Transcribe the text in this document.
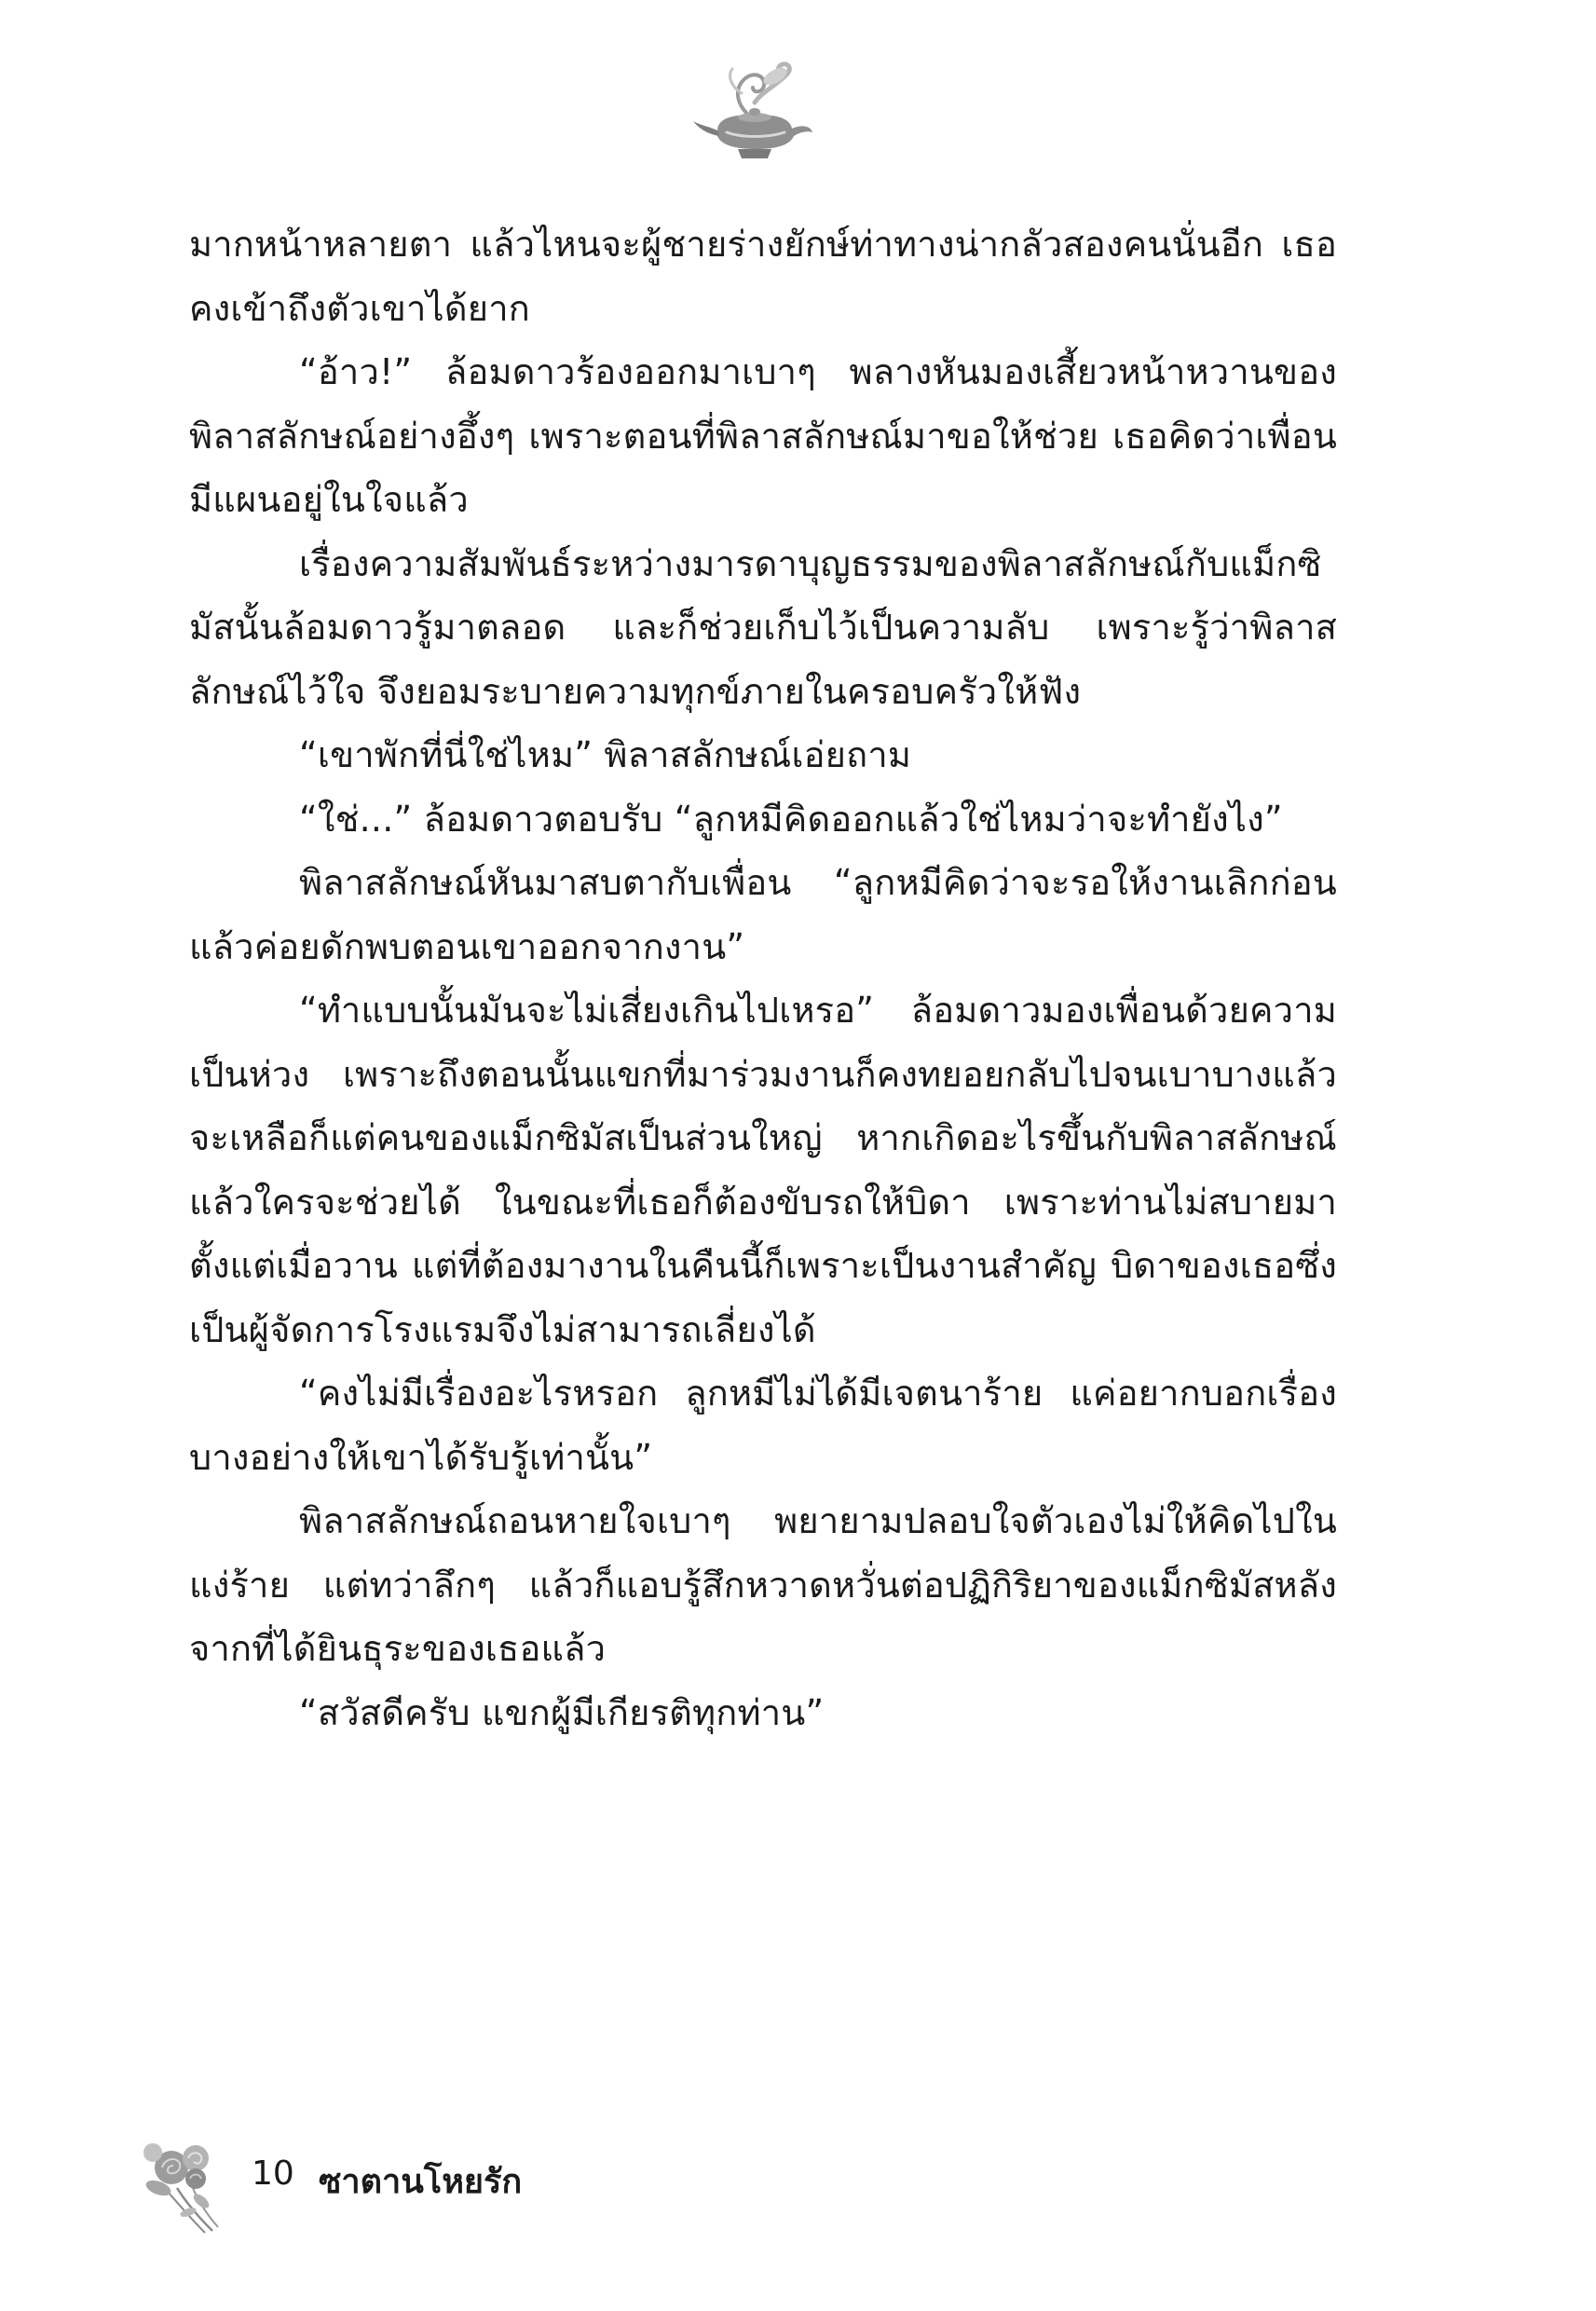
มากหน้าหลายตา แล้วไหนจะผู้ชายร่างยักษ์ท่าทางน่ากลัวสองคนนั่นอีก เธอคงเข้าถึงตัวเขาได้ยาก

“อ้าว!” ล้อมดาวร้องออกมาเบาๆ พลางหันมองเสี้ยวหน้าหวานของพิลาสลักษณ์อย่างอึ้งๆ เพราะตอนที่พิลาสลักษณ์มาขอให้ช่วย เธอคิดว่าเพื่อนมีแผนอยู่ในใจแล้ว

เรื่องความสัมพันธ์ระหว่างมารดาบุญธรรมของพิลาสลักษณ์กับแม็กซิมัสนั้นล้อมดาวรู้มาตลอด และก็ช่วยเก็บไว้เป็นความลับ เพราะรู้ว่าพิลาสลักษณ์ไว้ใจ จึงยอมระบายความทุกข์ภายในครอบครัวให้ฟัง

“เขาพักที่นี่ใช่ไหม” พิลาสลักษณ์เอ่ยถาม

“ใช่...” ล้อมดาวตอบรับ “ลูกหมีคิดออกแล้วใช่ไหมว่าจะทำยังไง”

พิลาสลักษณ์หันมาสบตากับเพื่อน “ลูกหมีคิดว่าจะรอให้งานเลิกก่อนแล้วค่อยดักพบตอนเขาออกจากงาน”

“ทำแบบนั้นมันจะไม่เสี่ยงเกินไปเหรอ” ล้อมดาวมองเพื่อนด้วยความเป็นห่วง เพราะถึงตอนนั้นแขกที่มาร่วมงานก็คงทยอยกลับไปจนเบาบางแล้ว จะเหลือก็แต่คนของแม็กซิมัสเป็นส่วนใหญ่ หากเกิดอะไรขึ้นกับพิลาสลักษณ์แล้วใครจะช่วยได้ ในขณะที่เธอก็ต้องขับรถให้บิดา เพราะท่านไม่สบายมาตั้งแต่เมื่อวาน แต่ที่ต้องมางานในคืนนี้ก็เพราะเป็นงานสำคัญ บิดาของเธอซึ่งเป็นผู้จัดการโรงแรมจึงไม่สามารถเลี่ยงได้

“คงไม่มีเรื่องอะไรหรอก ลูกหมีไม่ได้มีเจตนาร้าย แค่อยากบอกเรื่องบางอย่างให้เขาได้รับรู้เท่านั้น”

พิลาสลักษณ์ถอนหายใจเบาๆ พยายามปลอบใจตัวเองไม่ให้คิดไปในแง่ร้าย แต่ทว่าลึกๆ แล้วก็แอบรู้สึกหวาดหวั่นต่อปฏิกิริยาของแม็กซิมัสหลังจากที่ได้ยินธุระของเธอแล้ว

“สวัสดีครับ แขกผู้มีเกียรติทุกท่าน”

10 ซาตานโหยรัก
